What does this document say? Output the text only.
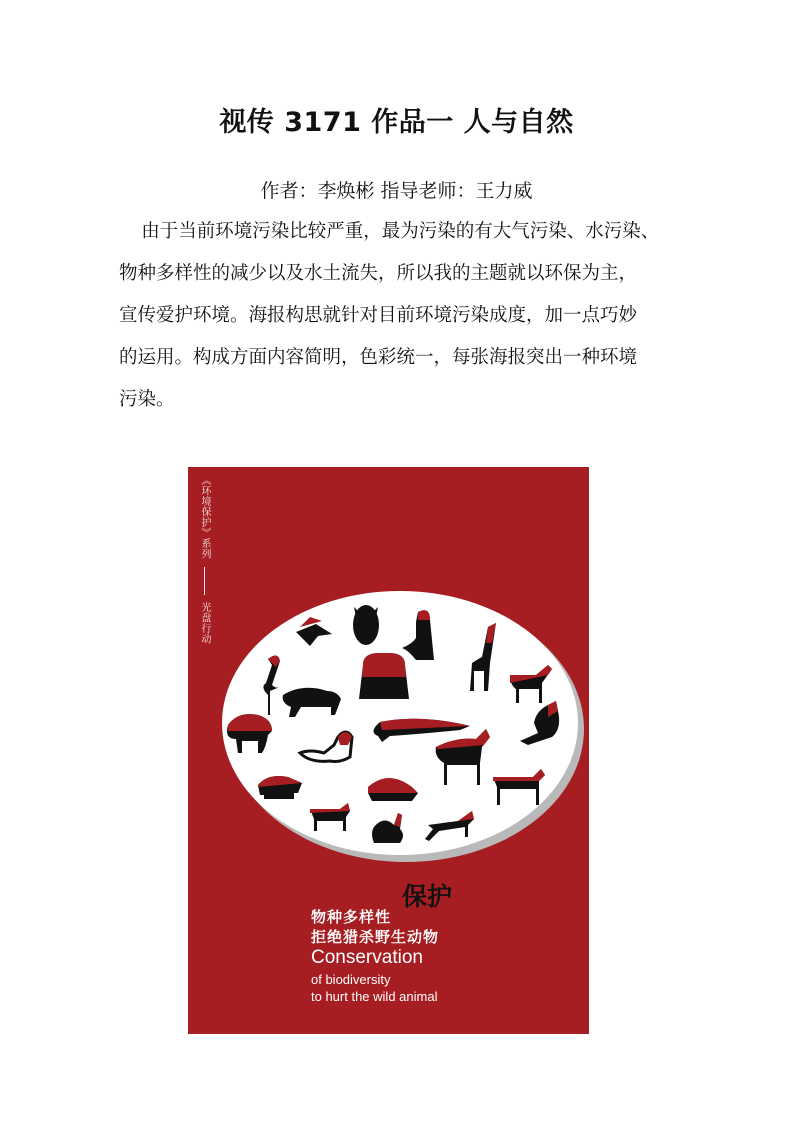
视传 3171 作品一 人与自然
作者：李焕彬 指导老师：王力威

由于当前环境污染比较严重，最为污染的有大气污染、水污染、

物种多样性的减少以及水土流失，所以我的主题就以环保为主，

宣传爱护环境。海报构思就针对目前环境污染成度，加一点巧妙

的运用。构成方面内容简明，色彩统一，每张海报突出一种环境

污染。

《环境保护》系列  光盘行动
保护
物种多样性
拒绝猎杀野生动物
Conservation
of biodiversity
to hurt the wild animal
